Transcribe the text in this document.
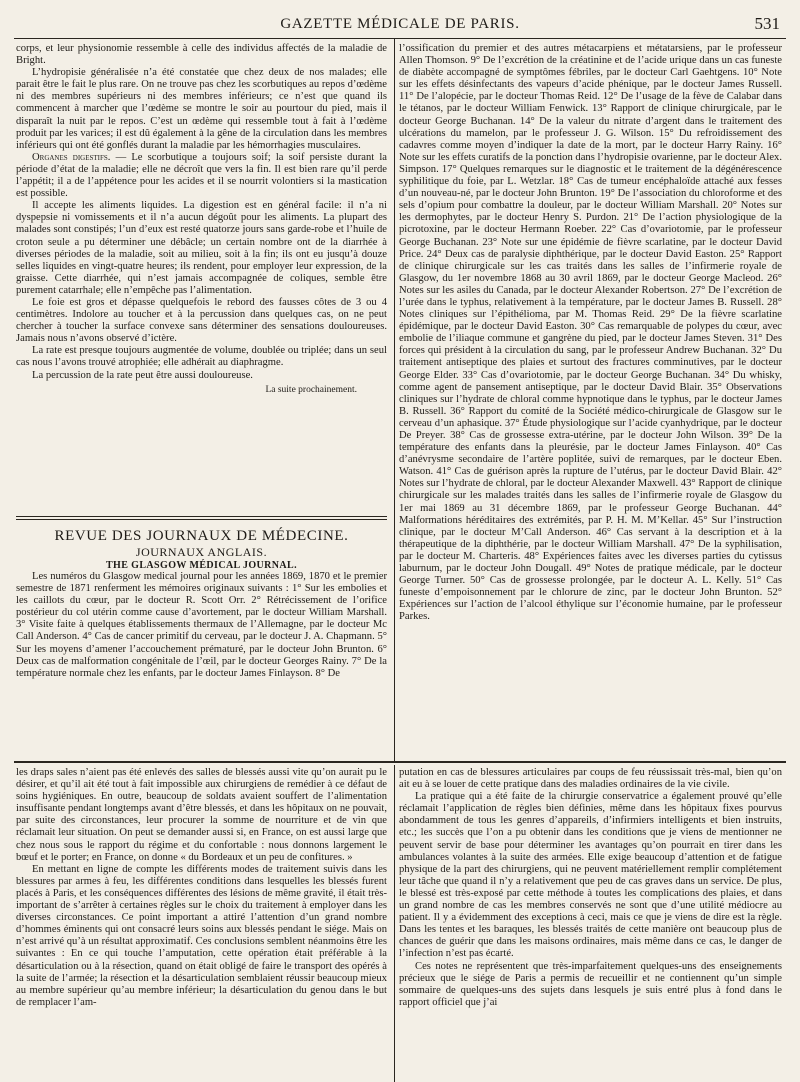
GAZETTE MÉDICALE DE PARIS.	531

corps, et leur physionomie ressemble à celle des individus affectés de la maladie de Bright.

L’hydropisie généralisée n’a été constatée que chez deux de nos malades; elle parait être le fait le plus rare. On ne trouve pas chez les scorbutiques au repos d’œdème ni des membres supérieurs ni des membres inférieurs; ce n’est que quand ils commencent à marcher que l’œdème se montre le soir au pourtour du pied, mais il disparaît la nuit par le repos. C’est un œdème qui ressemble tout à fait à l’œdème produit par les varices; il est dû également à la gêne de la circulation dans les membres inférieurs qui ont été gonflés durant la maladie par les hémorrhagies musculaires.

Organes digestifs. — Le scorbutique a toujours soif; la soif persiste durant la période d’état de la maladie; elle ne décroît que vers la fin. Il est bien rare qu’il perde l’appétit; il a de l’appétence pour les acides et il se nourrit volontiers si la mastication est possible.

Il accepte les aliments liquides. La digestion est en général facile: il n’a ni dyspepsie ni vomissements et il n’a aucun dégoût pour les aliments. La plupart des malades sont constipés; l’un d’eux est resté quatorze jours sans garde-robe et l’huile de croton seule a pu déterminer une débâcle; un certain nombre ont de la diarrhée à diverses périodes de la maladie, soit au milieu, soit à la fin; ils ont eu jusqu’à douze selles liquides en vingt-quatre heures; ils rendent, pour employer leur expression, de la graisse. Cette diarrhée, qui n’est jamais accompagnée de coliques, semble être purement catarrhale; elle n’empêche pas l’alimentation.

Le foie est gros et dépasse quelquefois le rebord des fausses côtes de 3 ou 4 centimètres. Indolore au toucher et à la percussion dans quelques cas, on ne peut chercher à toucher la surface convexe sans déterminer des sensations douloureuses. Jamais nous n’avons observé d’ictère.

La rate est presque toujours augmentée de volume, doublée ou triplée; dans un seul cas nous l’avons trouvé atrophiée; elle adhérait au diaphragme.

La percussion de la rate peut être aussi douloureuse.

La suite prochainement.

REVUE DES JOURNAUX DE MÉDECINE.

JOURNAUX ANGLAIS.

THE GLASGOW MÉDICAL JOURNAL.

Les numéros du Glasgow medical journal pour les années 1869, 1870 et le premier semestre de 1871 renferment les mémoires originaux suivants : 1° Sur les embolies et les caillots du cœur, par le docteur R. Scott Orr. 2° Rétrécissement de l’orifice postérieur du col utérin comme cause d’avortement, par le docteur William Marshall. 3° Visite faite à quelques établissements thermaux de l’Allemagne, par le docteur Mc Call Anderson. 4° Cas de cancer primitif du cerveau, par le docteur J. A. Chapmann. 5° Sur les moyens d’amener l’accouchement prématuré, par le docteur John Brunton. 6° Deux cas de malformation congénitale de l’œil, par le docteur Georges Rainy. 7° De la température normale chez les enfants, par le docteur James Finlayson. 8° De

l’ossification du premier et des autres métacarpiens et métatarsiens, par le professeur Allen Thomson. 9° De l’excrétion de la créatinine et de l’acide urique dans un cas funeste de diabète accompagné de symptômes fébriles, par le docteur Carl Gaehtgens. 10° Note sur les effets désinfectants des vapeurs d’acide phénique, par le docteur James Russell. 11° De l’alopécie, par le docteur Thomas Reid. 12° De l’usage de la fève de Calabar dans le tétanos, par le docteur William Fenwick. 13° Rapport de clinique chirurgicale, par le docteur George Buchanan. 14° De la valeur du nitrate d’argent dans le traitement des ulcérations du mamelon, par le professeur J. G. Wilson. 15° Du refroidissement des cadavres comme moyen d’indiquer la date de la mort, par le docteur Harry Rainy. 16° Note sur les effets curatifs de la ponction dans l’hydropisie ovarienne, par le docteur Alex. Simpson. 17° Quelques remarques sur le diagnostic et le traitement de la dégénérescence syphilitique du foie, par L. Wetzlar. 18° Cas de tumeur encéphaloïde attaché aux fesses d’un nouveau-né, par le docteur John Brunton. 19° De l’association du chloroforme et des sels d’opium pour combattre la douleur, par le docteur William Marshall. 20° Notes sur les dermophytes, par le docteur Henry S. Purdon. 21° De l’action physiologique de la picrotoxine, par le docteur Hermann Roeber. 22° Cas d’ovariotomie, par le professeur George Buchanan. 23° Note sur une épidémie de fièvre scarlatine, par le docteur David Price. 24° Deux cas de paralysie diphthérique, par le docteur David Easton. 25° Rapport de clinique chirurgicale sur les cas traités dans les salles de l’infirmerie royale de Glasgow, du 1er novembre 1868 au 30 avril 1869, par le docteur George Macleod. 26° Notes sur les asiles du Canada, par le docteur Alexander Robertson. 27° De l’excrétion de l’urée dans le typhus, relativement à la température, par le docteur James B. Russell. 28° Notes cliniques sur l’épithélioma, par M. Thomas Reid. 29° De la fièvre scarlatine épidémique, par le docteur David Easton. 30° Cas remarquable de polypes du cœur, avec embolie de l’iliaque commune et gangrène du pied, par le docteur James Steven. 31° Des forces qui président à la circulation du sang, par le professeur Andrew Buchanan. 32° Du traitement antiseptique des plaies et surtout des fractures comminutives, par le docteur George Elder. 33° Cas d’ovariotomie, par le docteur George Buchanan. 34° Du whisky, comme agent de pansement antiseptique, par le docteur David Blair. 35° Observations cliniques sur l’hydrate de chloral comme hypnotique dans le typhus, par le docteur James B. Russell. 36° Rapport du comité de la Société médico-chirurgicale de Glasgow sur le cerveau d’un aphasique. 37° Étude physiologique sur l’acide cyanhydrique, par le docteur De Preyer. 38° Cas de grossesse extra-utérine, par le docteur John Wilson. 39° De la température des enfants dans la pleurésie, par le docteur James Finlayson. 40° Cas d’anévrysme secondaire de l’artère poplitée, suivi de remarques, par le docteur Eben. Watson. 41° Cas de guérison après la rupture de l’utérus, par le docteur David Blair. 42° Notes sur l’hydrate de chloral, par le docteur Alexander Maxwell. 43° Rapport de clinique chirurgicale sur les malades traités dans les salles de l’infirmerie royale de Glasgow du 1er mai 1869 au 31 décembre 1869, par le professeur George Buchanan. 44° Malformations héréditaires des extrémités, par P. H. M. M’Kellar. 45° Sur l’instruction clinique, par le docteur M’Call Anderson. 46° Cas servant à la description et à la thérapeutique de la diphthérie, par le docteur William Marshall. 47° De la syphilisation, par le docteur M. Charteris. 48° Expériences faites avec les diverses parties du cytissus laburnum, par le docteur John Dougall. 49° Notes de pratique médicale, par le docteur George Turner. 50° Cas de grossesse prolongée, par le docteur A. L. Kelly. 51° Cas funeste d’empoisonnement par le chlorure de zinc, par le docteur John Brunton. 52° Expériences sur l’action de l’alcool éthylique sur l’économie humaine, par le professeur Parkes.

les draps sales n’aient pas été enlevés des salles de blessés aussi vite qu’on aurait pu le désirer, et qu’il ait été tout à fait impossible aux chirurgiens de remédier à ce défaut de soins hygiéniques. En outre, beaucoup de soldats avaient souffert de l’alimentation insuffisante pendant longtemps avant d’être blessés, et dans les hôpitaux on ne pouvait, par suite des circonstances, leur procurer la somme de nourriture et de vin que réclamait leur situation. On peut se demander aussi si, en France, on est aussi large que chez nous sous le rapport du régime et du confortable : nous donnons largement le bœuf et le porter; en France, on donne « du Bordeaux et un peu de confitures. »

En mettant en ligne de compte les différents modes de traitement suivis dans les blessures par armes à feu, les différentes conditions dans lesquelles les blessés furent placés à Paris, et les conséquences différentes des lésions de même gravité, il était très-important de s’arrêter à certaines règles sur le choix du traitement à employer dans les diverses circonstances. Ce point important a attiré l’attention d’un grand nombre d’hommes éminents qui ont consacré leurs soins aux blessés pendant le siége. Mais on n’est arrivé qu’à un résultat approximatif. Ces conclusions semblent néanmoins être les suivantes : En ce qui touche l’amputation, cette opération était préférable à la désarticulation ou à la résection, quand on était obligé de faire le transport des opérés à la suite de l’armée; la résection et la désarticulation semblaient réussir beaucoup mieux au membre supérieur qu’au membre inférieur; la désarticulation du genou dans le but de remplacer l’am-

putation en cas de blessures articulaires par coups de feu réussissait très-mal, bien qu’on ait eu à se louer de cette pratique dans des maladies ordinaires de la vie civile.

La pratique qui a été faite de la chirurgie conservatrice a également prouvé qu’elle réclamait l’application de règles bien définies, même dans les hôpitaux fixes pourvus abondamment de tous les genres d’appareils, d’infirmiers intelligents et bien instruits, etc.; les succès que l’on a pu obtenir dans les conditions que je viens de mentionner ne peuvent servir de base pour déterminer les avantages qu’on pourrait en tirer dans les ambulances volantes à la suite des armées. Elle exige beaucoup d’attention et de fatigue physique de la part des chirurgiens, qui ne peuvent matériellement remplir complétement leur tâche que quand il n’y a relativement que peu de cas graves dans un service. De plus, le blessé est très-exposé par cette méthode à toutes les complications des plaies, et dans un grand nombre de cas les membres conservés ne sont que d’une utilité médiocre au patient. Il y a évidemment des exceptions à ceci, mais ce que je viens de dire est la règle. Dans les tentes et les baraques, les blessés traités de cette manière ont beaucoup plus de chances de guérir que dans les maisons ordinaires, mais même dans ce cas, le danger de l’infection n’est pas écarté.

Ces notes ne représentent que très-imparfaitement quelques-uns des enseignements précieux que le siége de Paris a permis de recueillir et ne contiennent qu’un simple sommaire de quelques-uns des sujets dans lesquels je suis entré plus à fond dans le rapport officiel que j’ai
